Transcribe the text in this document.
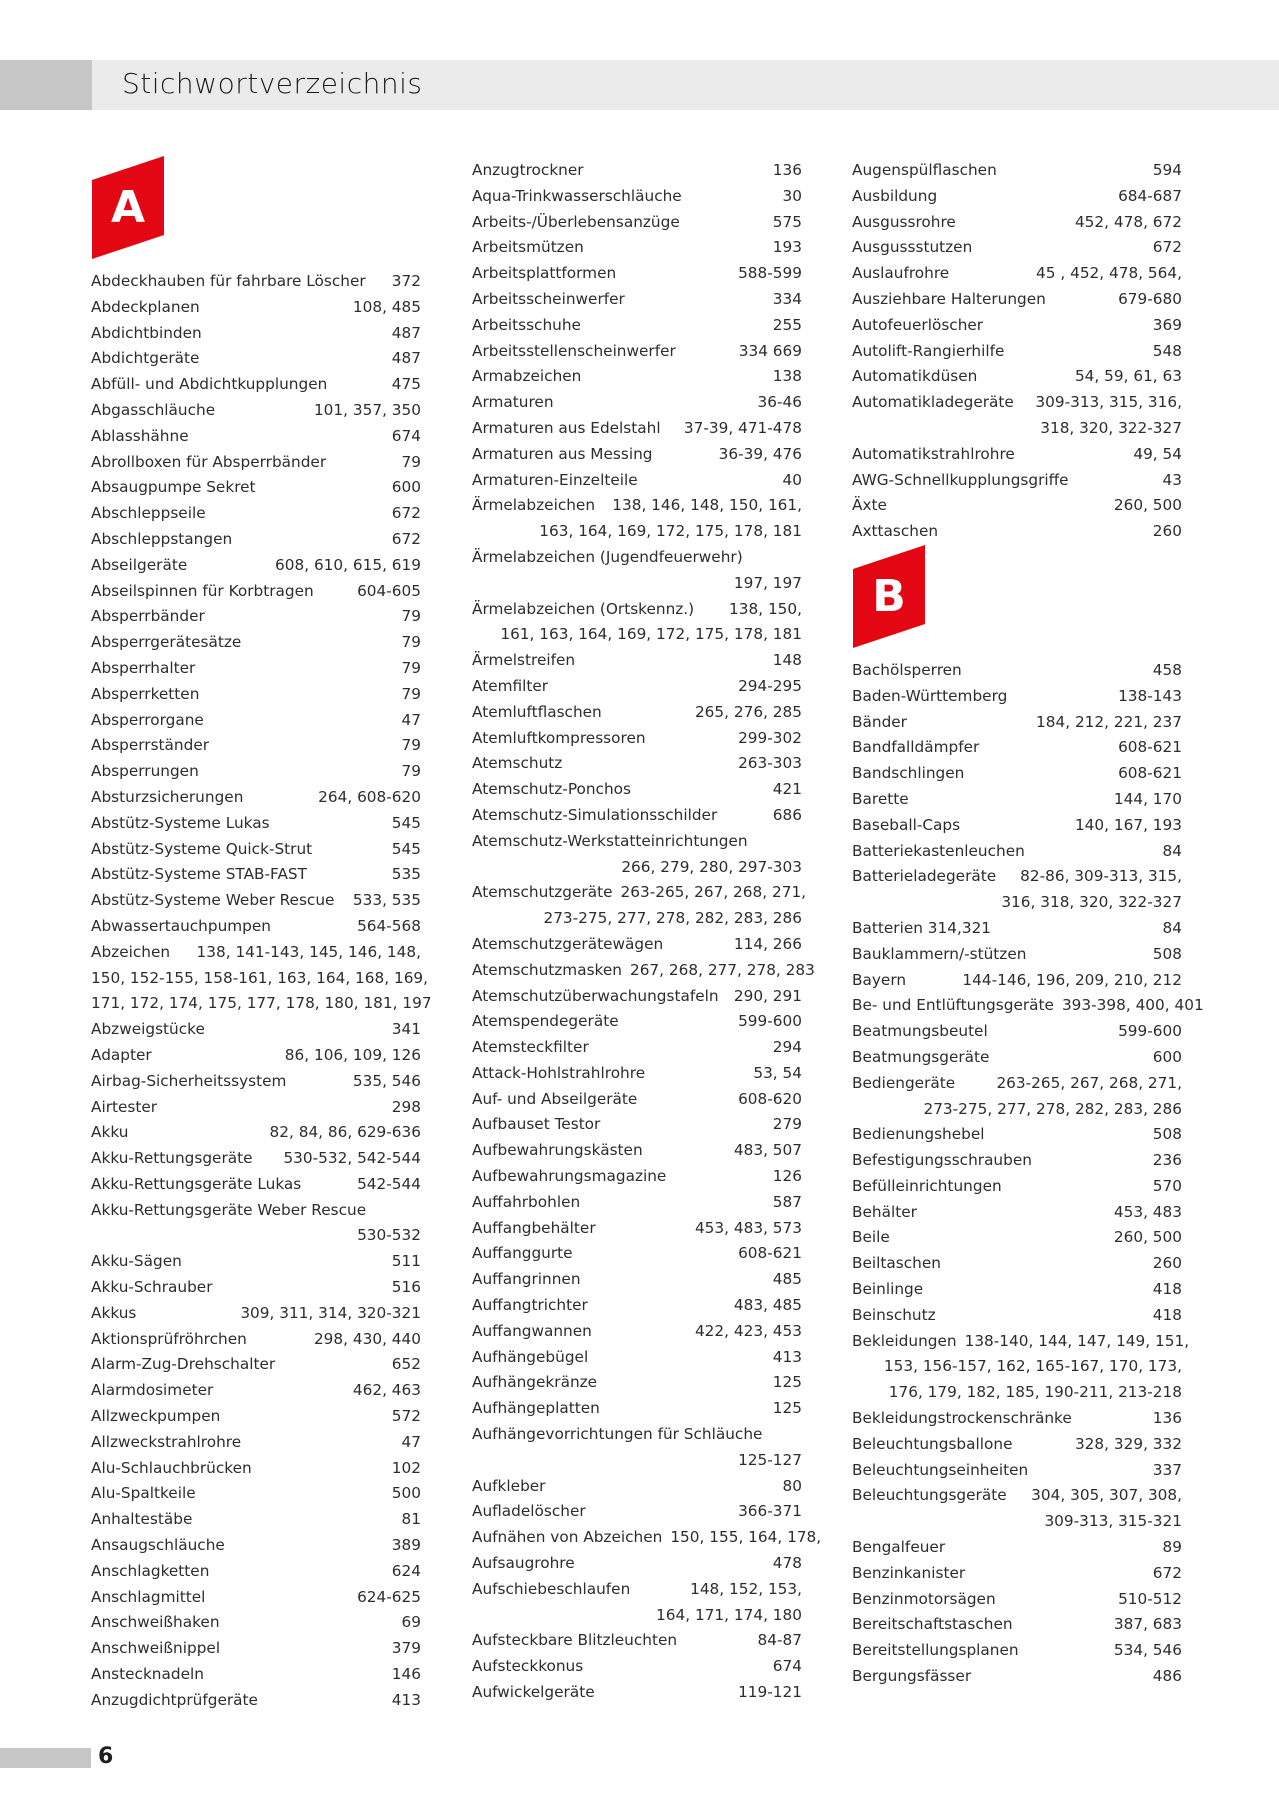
Stichwortverzeichnis
A
Abdeckhauben für fahrbare Löscher 372
Abdeckplanen	108, 485
Abdichtbinden	487
Abdichtgeräte	487
Abfüll- und Abdichtkupplungen	475
Abgasschläuche	101, 357, 350
Ablasshähne	674
Abrollboxen für Absperrbänder	79
Absaugpumpe Sekret	600
Abschleppseile	672
Abschleppstangen	672
Abseilgeräte	608, 610, 615, 619
Abseilspinnen für Korbtragen	604-605
Absperrbänder	79
Absperrgerätesätze	79
Absperrhalter	79
Absperrketten	79
Absperrorgane	47
Absperrständer	79
Absperrungen	79
Absturzsicherungen	264, 608-620
Abstütz-Systeme Lukas	545
Abstütz-Systeme Quick-Strut	545
Abstütz-Systeme STAB-FAST	535
Abstütz-Systeme Weber Rescue 533, 535
Abwassertauchpumpen	564-568
Abzeichen 138, 141-143, 145, 146, 148,
150, 152-155, 158-161, 163, 164, 168, 169,
171, 172, 174, 175, 177, 178, 180, 181, 197
Abzweigstücke	341
Adapter	86, 106, 109, 126
Airbag-Sicherheitssystem	535, 546
Airtester	298
Akku	82, 84, 86, 629-636
Akku-Rettungsgeräte 530-532, 542-544
Akku-Rettungsgeräte Lukas	542-544
Akku-Rettungsgeräte Weber Rescue
530-532
Akku-Sägen	511
Akku-Schrauber	516
Akkus	309, 311, 314, 320-321
Aktionsprüfröhrchen	298, 430, 440
Alarm-Zug-Drehschalter	652
Alarmdosimeter	462, 463
Allzweckpumpen	572
Allzweckstrahlrohre	47
Alu-Schlauchbrücken	102
Alu-Spaltkeile	500
Anhaltestäbe	81
Ansaugschläuche	389
Anschlagketten	624
Anschlagmittel	624-625
Anschweißhaken	69
Anschweißnippel	379
Anstecknadeln	146
Anzugdichtprüfgeräte	413
Anzugtrockner	136
Aqua-Trinkwasserschläuche	30
Arbeits-/Überlebensanzüge	575
Arbeitsmützen	193
Arbeitsplattformen	588-599
Arbeitsscheinwerfer	334
Arbeitsschuhe	255
Arbeitsstellenscheinwerfer	334 669
Armabzeichen	138
Armaturen	36-46
Armaturen aus Edelstahl 37-39, 471-478
Armaturen aus Messing	36-39, 476
Armaturen-Einzelteile	40
Ärmelabzeichen 138, 146, 148, 150, 161,
163, 164, 169, 172, 175, 178, 181
Ärmelabzeichen (Jugendfeuerwehr)
197, 197
Ärmelabzeichen (Ortskennz.) 138, 150,
161, 163, 164, 169, 172, 175, 178, 181
Ärmelstreifen	148
Atemfilter	294-295
Atemluftflaschen	265, 276, 285
Atemluftkompressoren	299-302
Atemschutz	263-303
Atemschutz-Ponchos	421
Atemschutz-Simulationsschilder	686
Atemschutz-Werkstatteinrichtungen
266, 279, 280, 297-303
Atemschutzgeräte 263-265, 267, 268, 271,
273-275, 277, 278, 282, 283, 286
Atemschutzgerätewägen	114, 266
Atemschutzmasken 267, 268, 277, 278, 283
Atemschutzüberwachungstafeln 290, 291
Atemspendegeräte	599-600
Atemsteckfilter	294
Attack-Hohlstrahlrohre	53, 54
Auf- und Abseilgeräte	608-620
Aufbauset Testor	279
Aufbewahrungskästen	483, 507
Aufbewahrungsmagazine	126
Auffahrbohlen	587
Auffangbehälter	453, 483, 573
Auffanggurte	608-621
Auffangrinnen	485
Auffangtrichter	483, 485
Auffangwannen	422, 423, 453
Aufhängebügel	413
Aufhängekränze	125
Aufhängeplatten	125
Aufhängevorrichtungen für Schläuche
125-127
Aufkleber	80
Aufladelöscher	366-371
Aufnähen von Abzeichen 150, 155, 164, 178,
Aufsaugrohre	478
Aufschiebeschlaufen	148, 152, 153,
164, 171, 174, 180
Aufsteckbare Blitzleuchten	84-87
Aufsteckkonus	674
Aufwickelgeräte	119-121
Augenspülflaschen	594
Ausbildung	684-687
Ausgussrohre	452, 478, 672
Ausgussstutzen	672
Auslaufrohre	45 , 452, 478, 564,
Ausziehbare Halterungen	679-680
Autofeuerlöscher	369
Autolift-Rangierhilfe	548
Automatikdüsen	54, 59, 61, 63
Automatikladegeräte 309-313, 315, 316,
318, 320, 322-327
Automatikstrahlrohre	49, 54
AWG-Schnellkupplungsgriffe	43
Äxte	260, 500
Axttaschen	260
B
Bachölsperren	458
Baden-Württemberg	138-143
Bänder	184, 212, 221, 237
Bandfalldämpfer	608-621
Bandschlingen	608-621
Barette	144, 170
Baseball-Caps	140, 167, 193
Batteriekastenleuchen	84
Batterieladegeräte 82-86, 309-313, 315,
316, 318, 320, 322-327
Batterien 314,321	84
Bauklammern/-stützen	508
Bayern	144-146, 196, 209, 210, 212
Be- und Entlüftungsgeräte 393-398, 400, 401
Beatmungsbeutel	599-600
Beatmungsgeräte	600
Bediengeräte	263-265, 267, 268, 271,
273-275, 277, 278, 282, 283, 286
Bedienungshebel	508
Befestigungsschrauben	236
Befülleinrichtungen	570
Behälter	453, 483
Beile	260, 500
Beiltaschen	260
Beinlinge	418
Beinschutz	418
Bekleidungen 138-140, 144, 147, 149, 151,
153, 156-157, 162, 165-167, 170, 173,
176, 179, 182, 185, 190-211, 213-218
Bekleidungstrockenschränke	136
Beleuchtungsballone	328, 329, 332
Beleuchtungseinheiten	337
Beleuchtungsgeräte 304, 305, 307, 308,
309-313, 315-321
Bengalfeuer	89
Benzinkanister	672
Benzinmotorsägen	510-512
Bereitschaftstaschen	387, 683
Bereitstellungsplanen	534, 546
Bergungsfässer	486
6
